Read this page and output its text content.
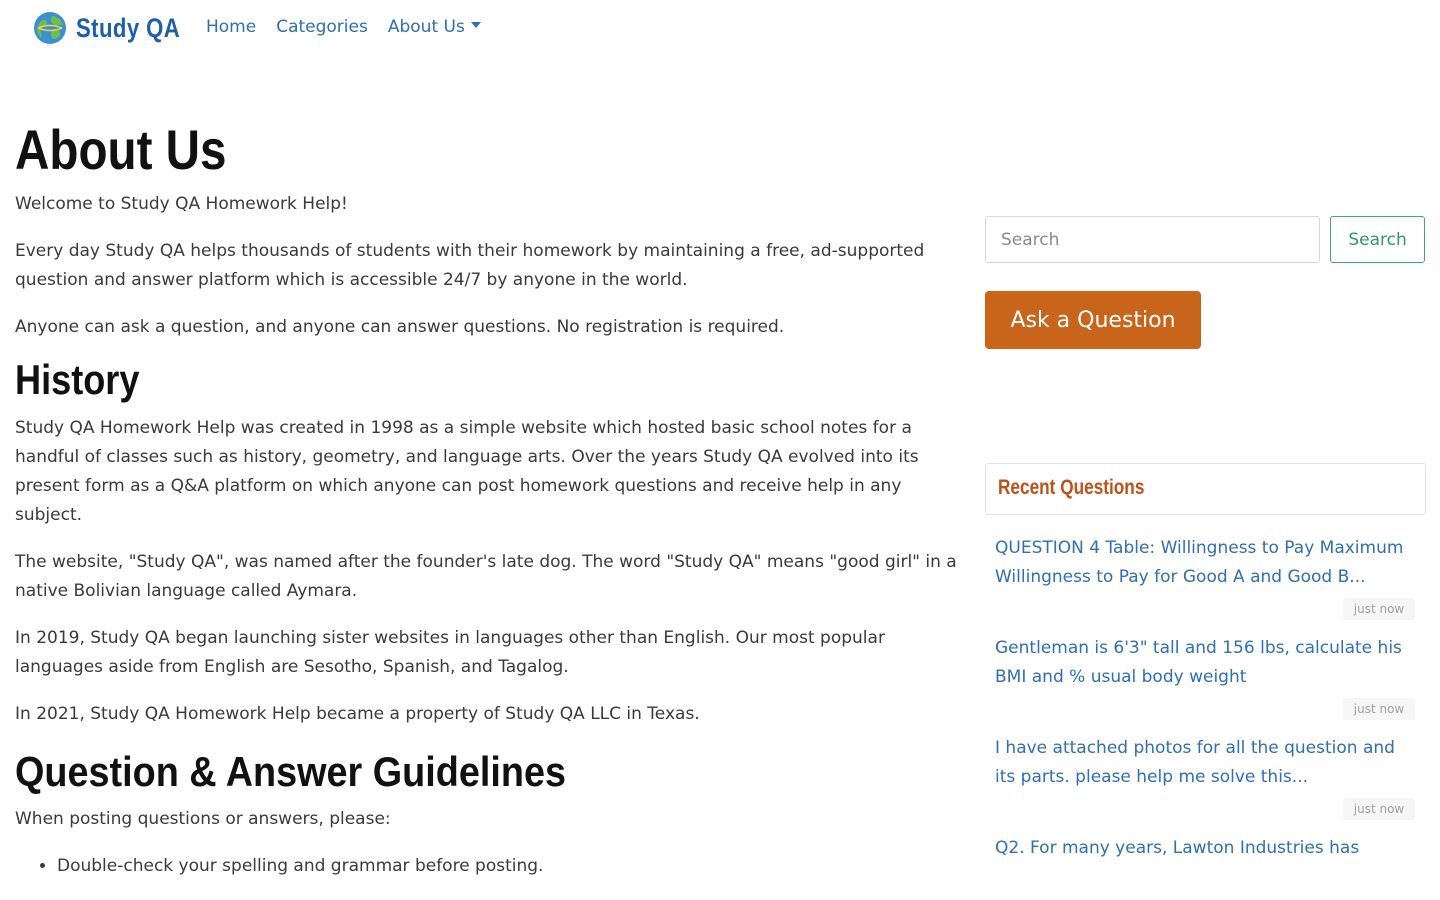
Study QA Home Categories About Us
About Us

Welcome to Study QA Homework Help!

Every day Study QA helps thousands of students with their homework by maintaining a free, ad-supported question and answer platform which is accessible 24/7 by anyone in the world.

Anyone can ask a question, and anyone can answer questions. No registration is required.

History

Study QA Homework Help was created in 1998 as a simple website which hosted basic school notes for a handful of classes such as history, geometry, and language arts. Over the years Study QA evolved into its present form as a Q&A platform on which anyone can post homework questions and receive help in any subject.

The website, "Study QA", was named after the founder's late dog. The word "Study QA" means "good girl" in a native Bolivian language called Aymara.

In 2019, Study QA began launching sister websites in languages other than English. Our most popular languages aside from English are Sesotho, Spanish, and Tagalog.

In 2021, Study QA Homework Help became a property of Study QA LLC in Texas.

Question & Answer Guidelines

When posting questions or answers, please:

• Double-check your spelling and grammar before posting.
Search
Search
Ask a Question
Recent Questions
QUESTION 4 Table: Willingness to Pay Maximum Willingness to Pay for Good A and Good B...
just now
Gentleman is 6'3" tall and 156 lbs, calculate his BMI and % usual body weight
just now
I have attached photos for all the question and its parts. please help me solve this...
just now
Q2. For many years, Lawton Industries has
